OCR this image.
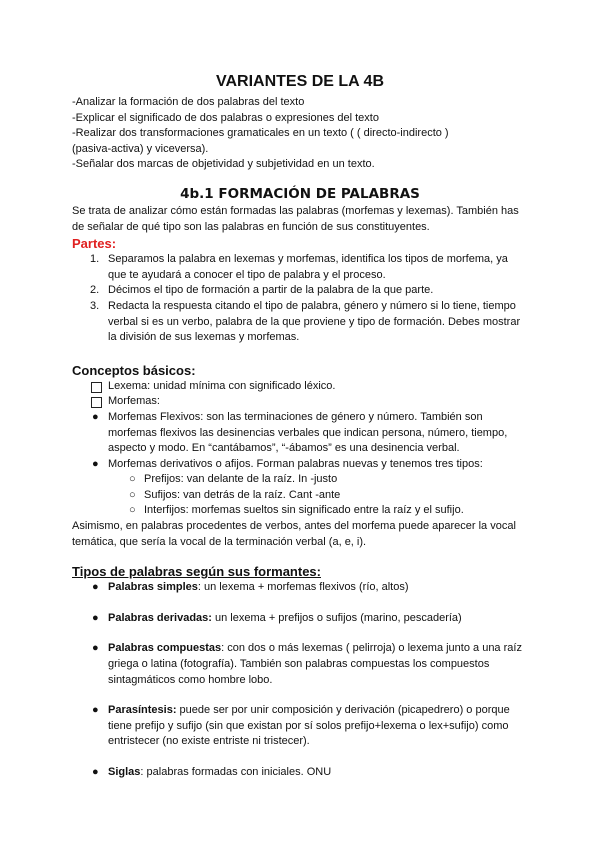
VARIANTES DE LA 4B

-Analizar la formación de dos palabras del texto

-Explicar el significado de dos palabras o expresiones del texto

-Realizar dos transformaciones gramaticales en un texto ( ( directo-indirecto )

(pasiva-activa) y viceversa).

-Señalar dos marcas de objetividad y subjetividad en un texto.

4b.1 FORMACIÓN DE PALABRAS

Se trata de analizar cómo están formadas las palabras (morfemas y lexemas). También has de señalar de qué tipo son las palabras en función de sus constituyentes.

Partes:

1. Separamos la palabra en lexemas y morfemas, identifica los tipos de morfema, ya que te ayudará a conocer el tipo de palabra y el proceso.
2. Décimos el tipo de formación a partir de la palabra de la que parte.
3. Redacta la respuesta citando el tipo de palabra, género y número si lo tiene, tiempo verbal si es un verbo, palabra de la que proviene y tipo de formación. Debes mostrar la división de sus lexemas y morfemas.
Conceptos básicos:
Lexema: unidad mínima con significado léxico.
Morfemas:
● Morfemas Flexivos: son las terminaciones de género y número. También son morfemas flexivos las desinencias verbales que indican persona, número, tiempo, aspecto y modo. En “cantábamos”, “-ábamos” es una desinencia verbal.
● Morfemas derivativos o afijos. Forman palabras nuevas y tenemos tres tipos:
○ Prefijos: van delante de la raíz. In -justo
○ Sufijos: van detrás de la raíz. Cant -ante
○ Interfijos: morfemas sueltos sin significado entre la raíz y el sufijo.

Asimismo, en palabras procedentes de verbos, antes del morfema puede aparecer la vocal temática, que sería la vocal de la terminación verbal (a, e, i).

Tipos de palabras según sus formantes:
● Palabras simples: un lexema + morfemas flexivos (río, altos)
● Palabras derivadas: un lexema + prefijos o sufijos (marino, pescadería)
● Palabras compuestas: con dos o más lexemas ( pelirroja) o lexema junto a una raíz griega o latina (fotografía). También son palabras compuestas los compuestos sintagmáticos como hombre lobo.
● Parasíntesis: puede ser por unir composición y derivación (picapedrero) o porque tiene prefijo y sufijo (sin que existan por sí solos prefijo+lexema o lex+sufijo) como entristecer (no existe entriste ni tristecer).
● Siglas: palabras formadas con iniciales. ONU
